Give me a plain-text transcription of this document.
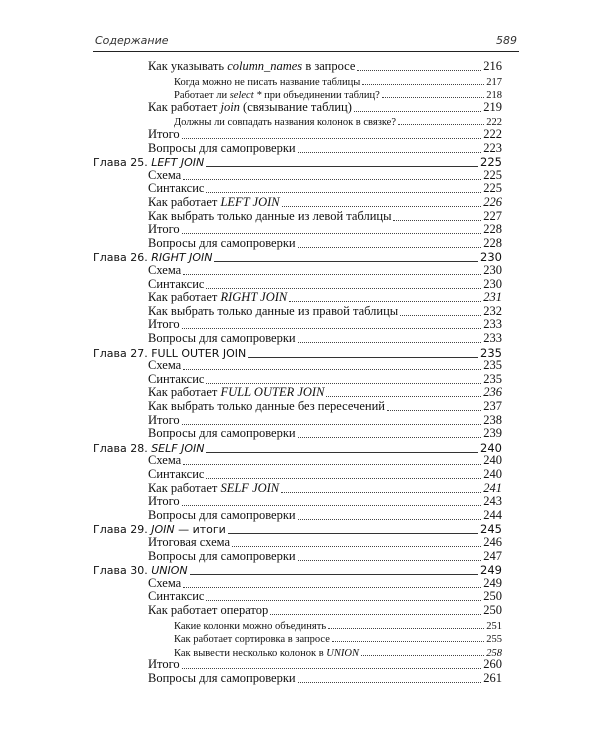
Содержание	589
Как указывать column_names в запросе	216
Когда можно не писать название таблицы	217
Работает ли select * при объединении таблиц?	218
Как работает join (связывание таблиц)	219
Должны ли совпадать названия колонок в связке?	222
Итого	222
Вопросы для самопроверки	223
Глава 25. LEFT JOIN	225
Схема	225
Синтаксис	225
Как работает LEFT JOIN	226
Как выбрать только данные из левой таблицы	227
Итого	228
Вопросы для самопроверки	228
Глава 26. RIGHT JOIN	230
Схема	230
Синтаксис	230
Как работает RIGHT JOIN	231
Как выбрать только данные из правой таблицы	232
Итого	233
Вопросы для самопроверки	233
Глава 27. FULL OUTER JOIN	235
Схема	235
Синтаксис	235
Как работает FULL OUTER JOIN	236
Как выбрать только данные без пересечений	237
Итого	238
Вопросы для самопроверки	239
Глава 28. SELF JOIN	240
Схема	240
Синтаксис	240
Как работает SELF JOIN	241
Итого	243
Вопросы для самопроверки	244
Глава 29. JOIN — итоги	245
Итоговая схема	246
Вопросы для самопроверки	247
Глава 30. UNION	249
Схема	249
Синтаксис	250
Как работает оператор	250
Какие колонки можно объединять	251
Как работает сортировка в запросе	255
Как вывести несколько колонок в UNION	258
Итого	260
Вопросы для самопроверки	261
